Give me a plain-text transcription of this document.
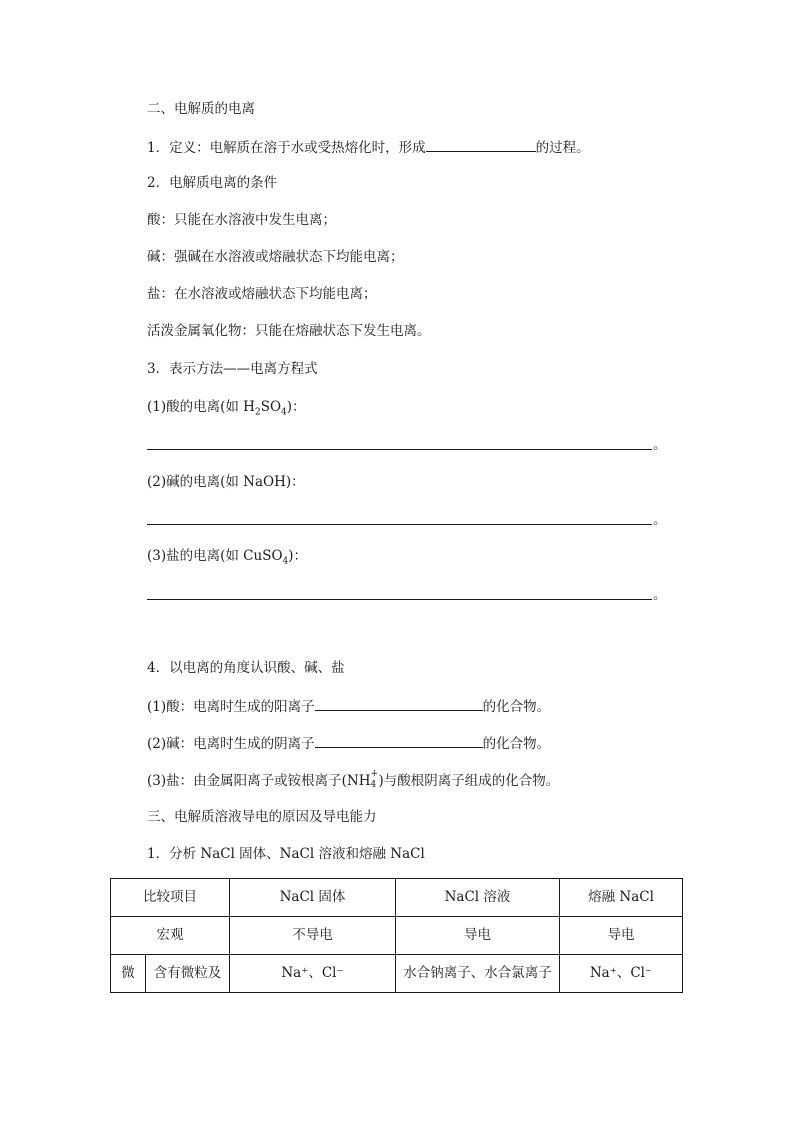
二、电解质的电离
1．定义：电解质在溶于水或受热熔化时，形成	的过程。
2．电解质电离的条件
酸：只能在水溶液中发生电离；
碱：强碱在水溶液或熔融状态下均能电离；
盐：在水溶液或熔融状态下均能电离；
活泼金属氧化物：只能在熔融状态下发生电离。
3．表示方法——电离方程式
(1)酸的电离(如 $H_2SO_4$)：
。
(2)碱的电离(如 NaOH)：
。
(3)盐的电离(如 CuSO$_4$)：
。
4．以电离的角度认识酸、碱、盐
(1)酸：电离时生成的阳离子	的化合物。
(2)碱：电离时生成的阴离子	的化合物。
(3)盐：由金属阳离子或铵根离子(NH +
4 )与酸根阴离子组成的化合物。
三、电解质溶液导电的原因及导电能力
1．分析 NaCl 固体、NaCl 溶液和熔融 NaCl
比较项目		NaCl 固体	NaCl 溶液	熔融 NaCl
宏观		不导电	导电	导电
微	含有微粒及	Na⁺、Cl⁻	水合钠离子、水合氯离子	Na⁺、Cl⁻
